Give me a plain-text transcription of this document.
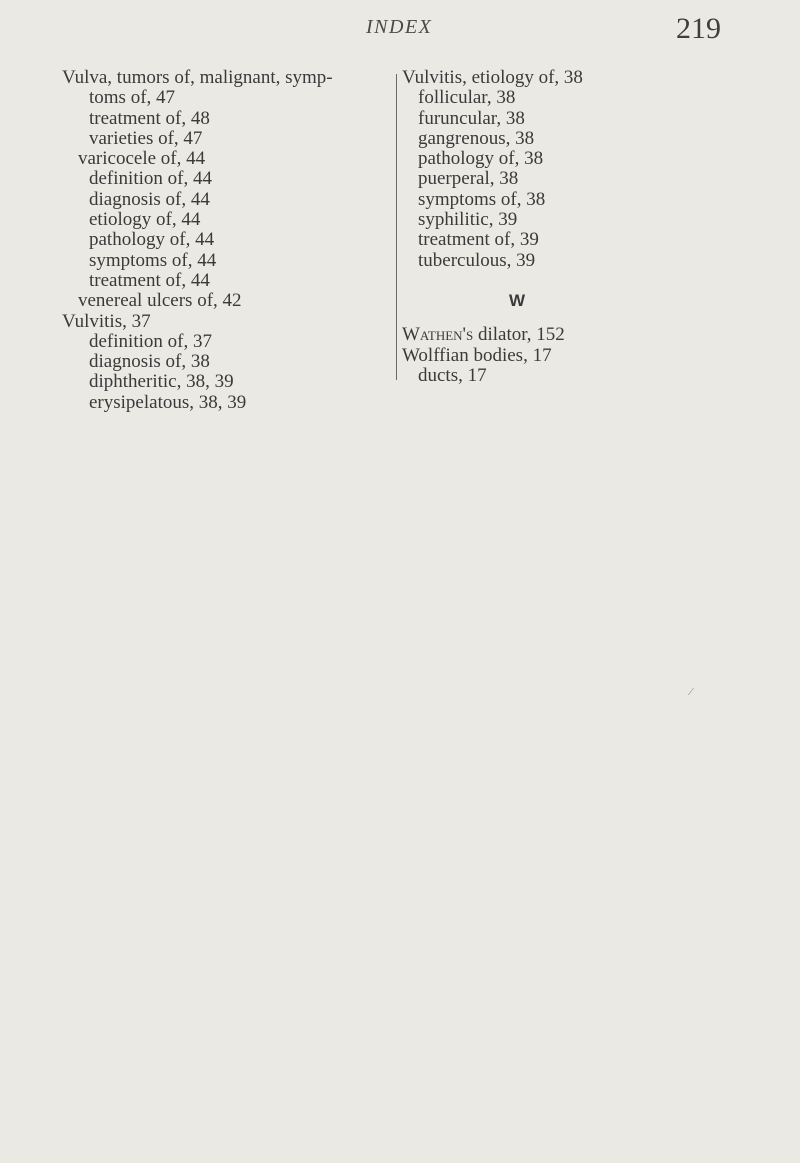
INDEX	219
Vulva, tumors of, malignant, symp-
toms of, 47
treatment of, 48
varieties of, 47
varicocele of, 44
definition of, 44
diagnosis of, 44
etiology of, 44
pathology of, 44
symptoms of, 44
treatment of, 44
venereal ulcers of, 42
Vulvitis, 37
definition of, 37
diagnosis of, 38
diphtheritic, 38, 39
erysipelatous, 38, 39
Vulvitis, etiology of, 38
follicular, 38
furuncular, 38
gangrenous, 38
pathology of, 38
puerperal, 38
symptoms of, 38
syphilitic, 39
treatment of, 39
tuberculous, 39
W
Wathen's dilator, 152
Wolffian bodies, 17
ducts, 17
⁄
